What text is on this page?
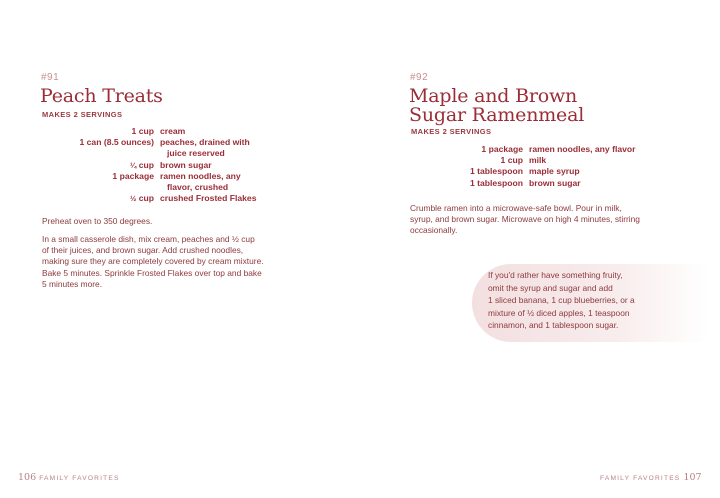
#91
Peach Treats
MAKES 2 SERVINGS
1 cup cream
1 can (8.5 ounces) peaches, drained with
juice reserved
¼ cup brown sugar
1 package ramen noodles, any
flavor, crushed
½ cup crushed Frosted Flakes

Preheat oven to 350 degrees.

In a small casserole dish, mix cream, peaches and ½ cup
of their juices, and brown sugar. Add crushed noodles,
making sure they are completely covered by cream mixture.
Bake 5 minutes. Sprinkle Frosted Flakes over top and bake
5 minutes more.

106 FAMILY FAVORITES
#92
Maple and Brown
Sugar Ramenmeal
MAKES 2 SERVINGS
1 package ramen noodles, any flavor
1 cup milk
1 tablespoon maple syrup
1 tablespoon brown sugar

Crumble ramen into a microwave-safe bowl. Pour in milk,
syrup, and brown sugar. Microwave on high 4 minutes, stirring
occasionally.

If you'd rather have something fruity,
omit the syrup and sugar and add
1 sliced banana, 1 cup blueberries, or a
mixture of ½ diced apples, 1 teaspoon
cinnamon, and 1 tablespoon sugar.

FAMILY FAVORITES 107
